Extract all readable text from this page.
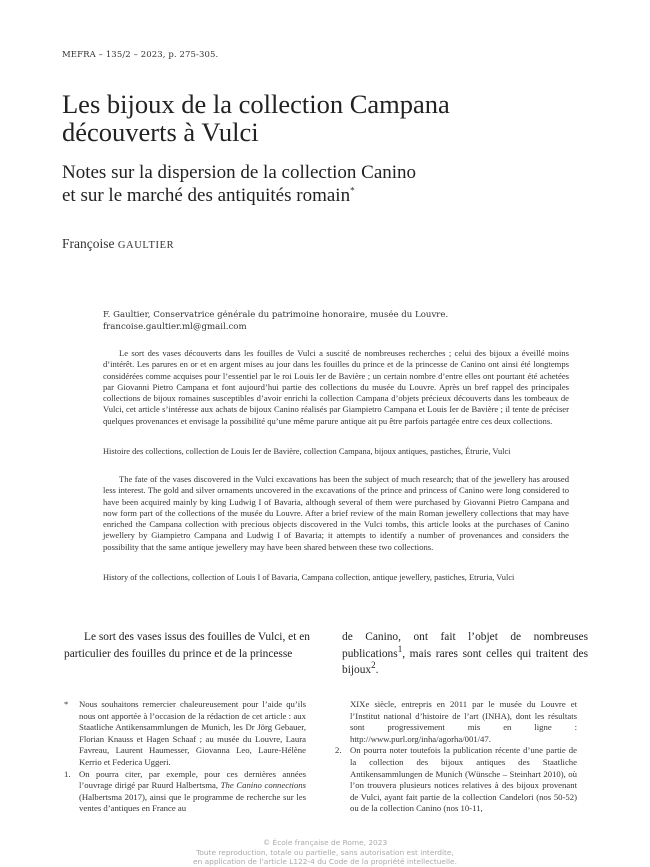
MEFRA – 135/2 – 2023, p. 275-305.
Les bijoux de la collection Campana
découverts à Vulci
Notes sur la dispersion de la collection Canino
et sur le marché des antiquités romain*
Françoise GAULTIER
F. Gaultier, Conservatrice générale du patrimoine honoraire, musée du Louvre.
francoise.gaultier.ml@gmail.com

Le sort des vases découverts dans les fouilles de Vulci a suscité de nombreuses recherches ; celui des bijoux a éveillé moins d’intérêt. Les parures en or et en argent mises au jour dans les fouilles du prince et de la princesse de Canino ont ainsi été longtemps considérées comme acquises pour l’essentiel par le roi Louis Ier de Bavière ; un certain nombre d’entre elles ont pourtant été achetées par Giovanni Pietro Campana et font aujourd’hui partie des collections du musée du Louvre. Après un bref rappel des principales collections de bijoux romaines susceptibles d’avoir enrichi la collection Campana d’objets précieux découverts dans les tombeaux de Vulci, cet article s’intéresse aux achats de bijoux Canino réalisés par Giampietro Campana et Louis Ier de Bavière ; il tente de préciser quelques provenances et envisage la possibilité qu’une même parure antique ait pu être parfois partagée entre ces deux collections.

Histoire des collections, collection de Louis Ier de Bavière, collection Campana, bijoux antiques, pastiches, Étrurie, Vulci

The fate of the vases discovered in the Vulci excavations has been the subject of much research; that of the jewellery has aroused less interest. The gold and silver ornaments uncovered in the excavations of the prince and princess of Canino were long considered to have been acquired mainly by king Ludwig I of Bavaria, although several of them were purchased by Giovanni Pietro Campana and now form part of the collections of the musée du Louvre. After a brief review of the main Roman jewellery collections that may have enriched the Campana collection with precious objects discovered in the Vulci tombs, this article looks at the purchases of Canino jewellery by Giampietro Campana and Ludwig I of Bavaria; it attempts to identify a number of provenances and considers the possibility that the same antique jewellery may have been shared between these two collections.

History of the collections, collection of Louis I of Bavaria, Campana collection, antique jewellery, pastiches, Etruria, Vulci

Le sort des vases issus des fouilles de Vulci, et en particulier des fouilles du prince et de la princesse

de Canino, ont fait l’objet de nombreuses publications$^1$, mais rares sont celles qui traitent des bijoux$^2$.

* Nous souhaitons remercier chaleureusement pour l’aide qu’ils nous ont apportée à l’occasion de la rédaction de cet article : aux Staatliche Antikensammlungen de Munich, les Dr Jörg Gebauer, Florian Knauss et Hagen Schaaf ; au musée du Louvre, Laura Favreau, Laurent Haumesser, Giovanna Leo, Laure-Hélène Kerrio et Federica Uggeri.

1. On pourra citer, par exemple, pour ces dernières années l’ouvrage dirigé par Ruurd Halbertsma, The Canino connections (Halbertsma 2017), ainsi que le programme de recherche sur les ventes d’antiques en France au

XIXe siècle, entrepris en 2011 par le musée du Louvre et l’Institut national d’histoire de l’art (INHA), dont les résultats sont progressivement mis en ligne : http://www.purl.org/inha/agorha/001/47.

2. On pourra noter toutefois la publication récente d’une partie de la collection des bijoux antiques des Staatliche Antikensammlungen de Munich (Wünsche – Steinhart 2010), où l’on trouvera plusieurs notices relatives à des bijoux provenant de Vulci, ayant fait partie de la collection Candelori (nos 50-52) ou de la collection Canino (nos 10-11,

© École française de Rome, 2023
Toute reproduction, totale ou partielle, sans autorisation est interdite,
en application de l’article L122-4 du Code de la propriété intellectuelle.
